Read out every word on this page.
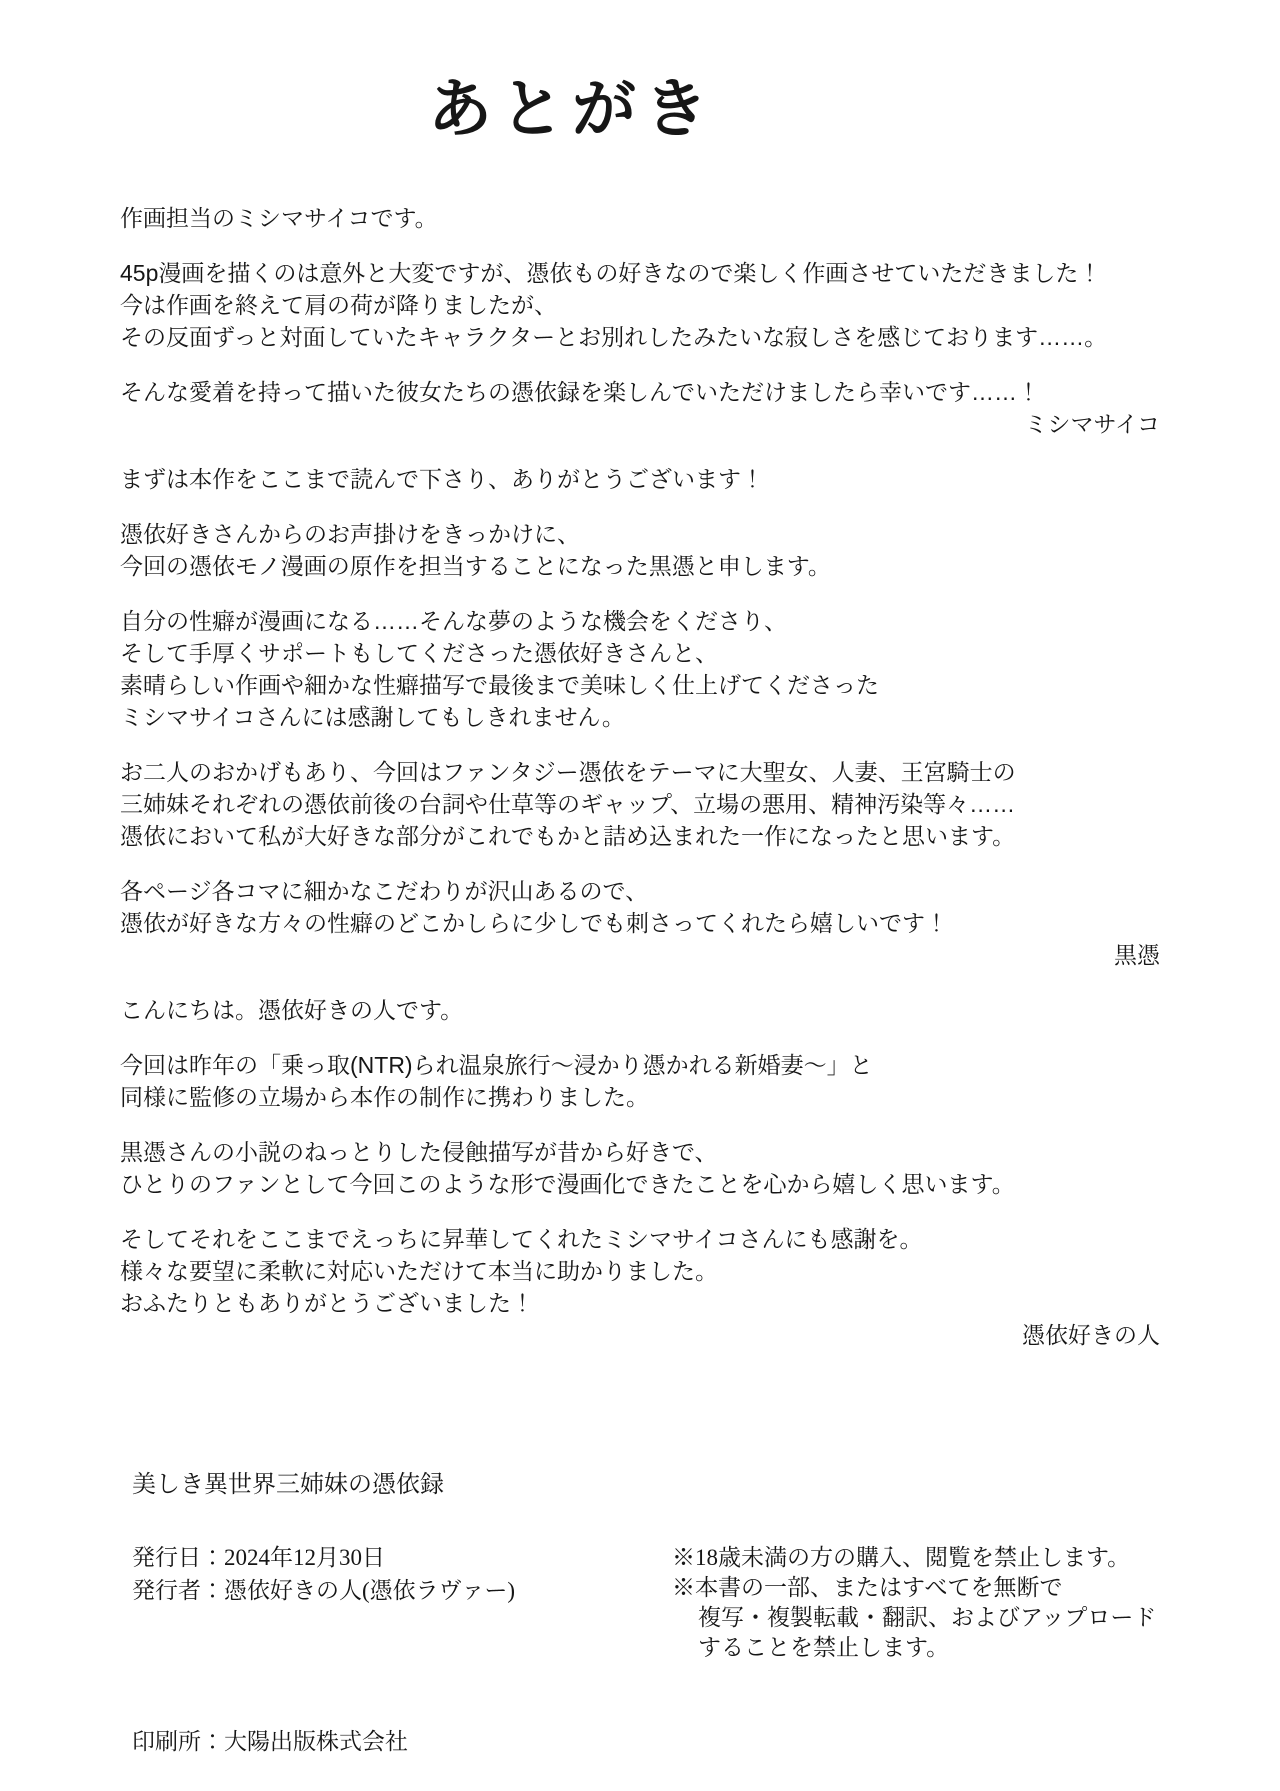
あとがき
作画担当のミシマサイコです。
45p漫画を描くのは意外と大変ですが、憑依もの好きなので楽しく作画させていただきました！
今は作画を終えて肩の荷が降りましたが、
その反面ずっと対面していたキャラクターとお別れしたみたいな寂しさを感じております……。
そんな愛着を持って描いた彼女たちの憑依録を楽しんでいただけましたら幸いです……！
ミシマサイコ
まずは本作をここまで読んで下さり、ありがとうございます！
憑依好きさんからのお声掛けをきっかけに、
今回の憑依モノ漫画の原作を担当することになった黒憑と申します。
自分の性癖が漫画になる……そんな夢のような機会をくださり、
そして手厚くサポートもしてくださった憑依好きさんと、
素晴らしい作画や細かな性癖描写で最後まで美味しく仕上げてくださった
ミシマサイコさんには感謝してもしきれません。
お二人のおかげもあり、今回はファンタジー憑依をテーマに大聖女、人妻、王宮騎士の
三姉妹それぞれの憑依前後の台詞や仕草等のギャップ、立場の悪用、精神汚染等々……
憑依において私が大好きな部分がこれでもかと詰め込まれた一作になったと思います。
各ページ各コマに細かなこだわりが沢山あるので、
憑依が好きな方々の性癖のどこかしらに少しでも刺さってくれたら嬉しいです！
黒憑
こんにちは。憑依好きの人です。
今回は昨年の「乗っ取(NTR)られ温泉旅行〜浸かり憑かれる新婚妻〜」と
同様に監修の立場から本作の制作に携わりました。
黒憑さんの小説のねっとりした侵蝕描写が昔から好きで、
ひとりのファンとして今回このような形で漫画化できたことを心から嬉しく思います。
そしてそれをここまでえっちに昇華してくれたミシマサイコさんにも感謝を。
様々な要望に柔軟に対応いただけて本当に助かりました。
おふたりともありがとうございました！
憑依好きの人

美しき異世界三姉妹の憑依録

発行日：2024年12月30日
発行者：憑依好きの人(憑依ラヴァー)
※18歳未満の方の購入、閲覧を禁止します。
※本書の一部、またはすべてを無断で
複写・複製転載・翻訳、およびアップロード
することを禁止します。
印刷所：大陽出版株式会社
